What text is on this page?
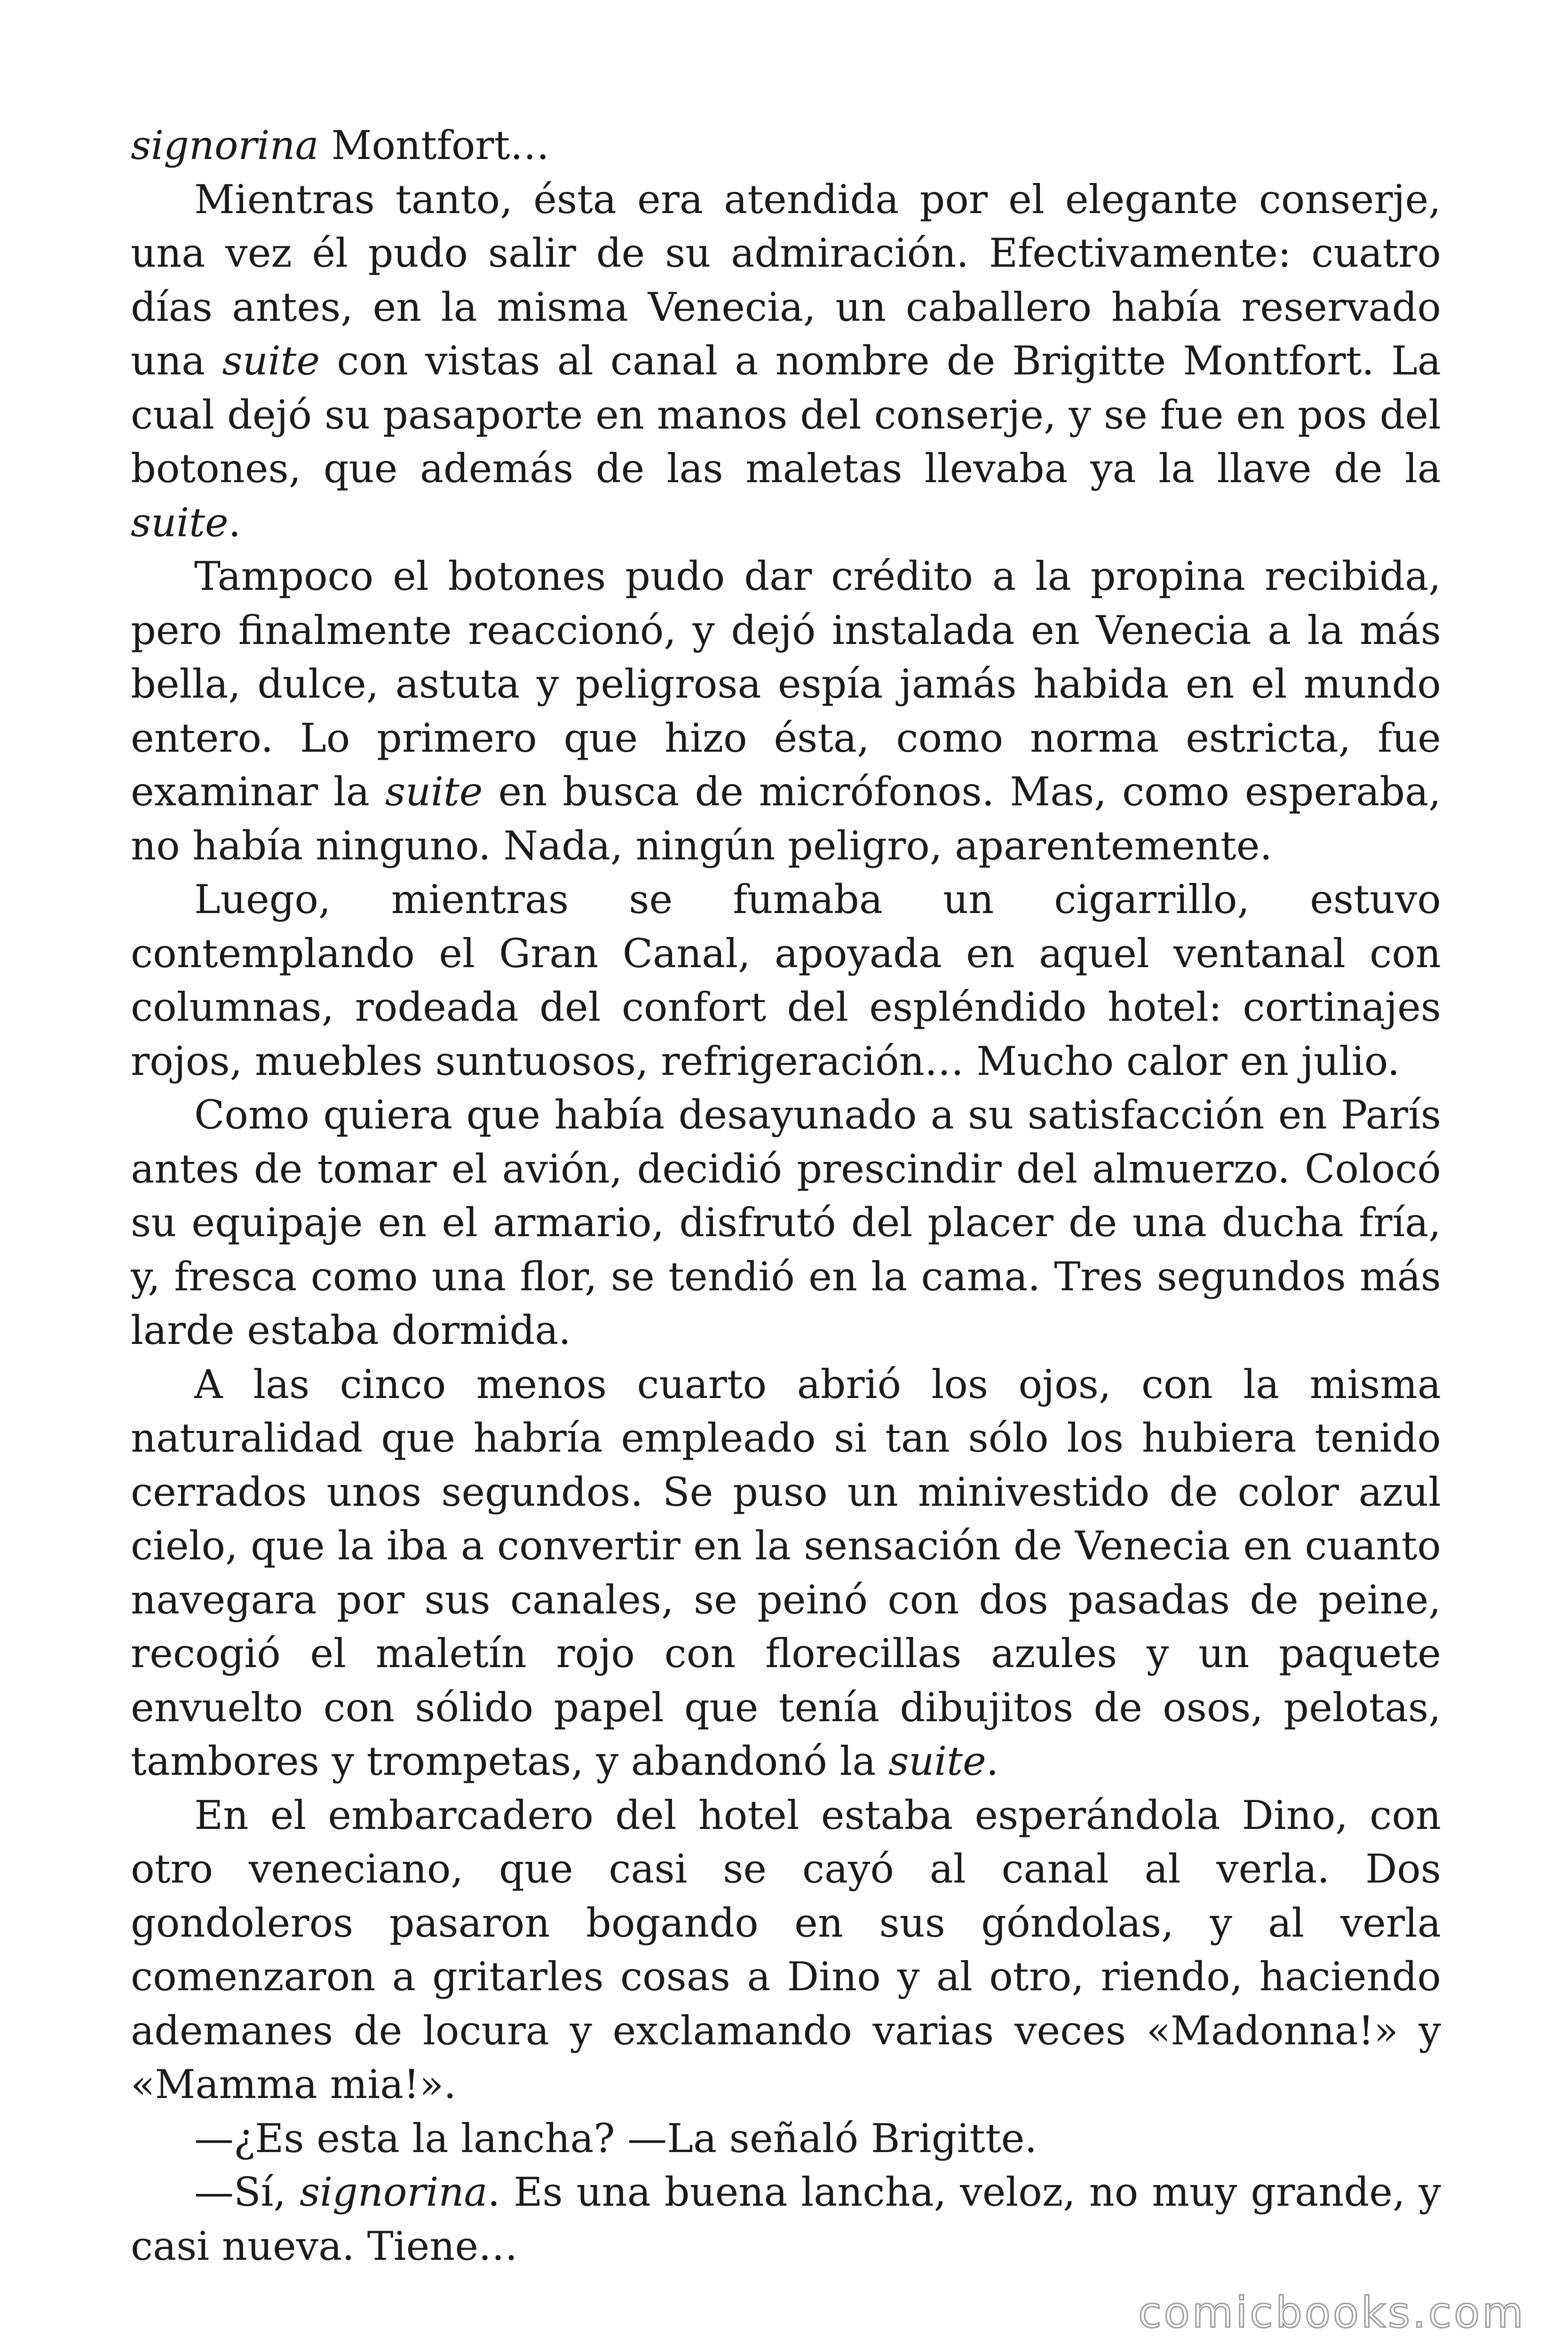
signorina Montfort…

Mientras tanto, ésta era atendida por el elegante conserje, una vez él pudo salir de su admiración. Efectivamente: cuatro días antes, en la misma Venecia, un caballero había reservado una suite con vistas al canal a nombre de Brigitte Montfort. La cual dejó su pasaporte en manos del conserje, y se fue en pos del botones, que además de las maletas llevaba ya la llave de la suite.

Tampoco el botones pudo dar crédito a la propina recibida, pero finalmente reaccionó, y dejó instalada en Venecia a la más bella, dulce, astuta y peligrosa espía jamás habida en el mundo entero. Lo primero que hizo ésta, como norma estricta, fue examinar la suite en busca de micrófonos. Mas, como esperaba, no había ninguno. Nada, ningún peligro, aparentemente.

Luego, mientras se fumaba un cigarrillo, estuvo contemplando el Gran Canal, apoyada en aquel ventanal con columnas, rodeada del confort del espléndido hotel: cortinajes rojos, muebles suntuosos, refrigeración… Mucho calor en julio.

Como quiera que había desayunado a su satisfacción en París antes de tomar el avión, decidió prescindir del almuerzo. Colocó su equipaje en el armario, disfrutó del placer de una ducha fría, y, fresca como una flor, se tendió en la cama. Tres segundos más larde estaba dormida.

A las cinco menos cuarto abrió los ojos, con la misma naturalidad que habría empleado si tan sólo los hubiera tenido cerrados unos segundos. Se puso un minivestido de color azul cielo, que la iba a convertir en la sensación de Venecia en cuanto navegara por sus canales, se peinó con dos pasadas de peine, recogió el maletín rojo con florecillas azules y un paquete envuelto con sólido papel que tenía dibujitos de osos, pelotas, tambores y trompetas, y abandonó la suite.

En el embarcadero del hotel estaba esperándola Dino, con otro veneciano, que casi se cayó al canal al verla. Dos gondoleros pasaron bogando en sus góndolas, y al verla comenzaron a gritarles cosas a Dino y al otro, riendo, haciendo ademanes de locura y exclamando varias veces «Madonna!» y «Mamma mia!».

—¿Es esta la lancha? —La señaló Brigitte.

—Sí, signorina. Es una buena lancha, veloz, no muy grande, y casi nueva. Tiene…

comicbooks.com
